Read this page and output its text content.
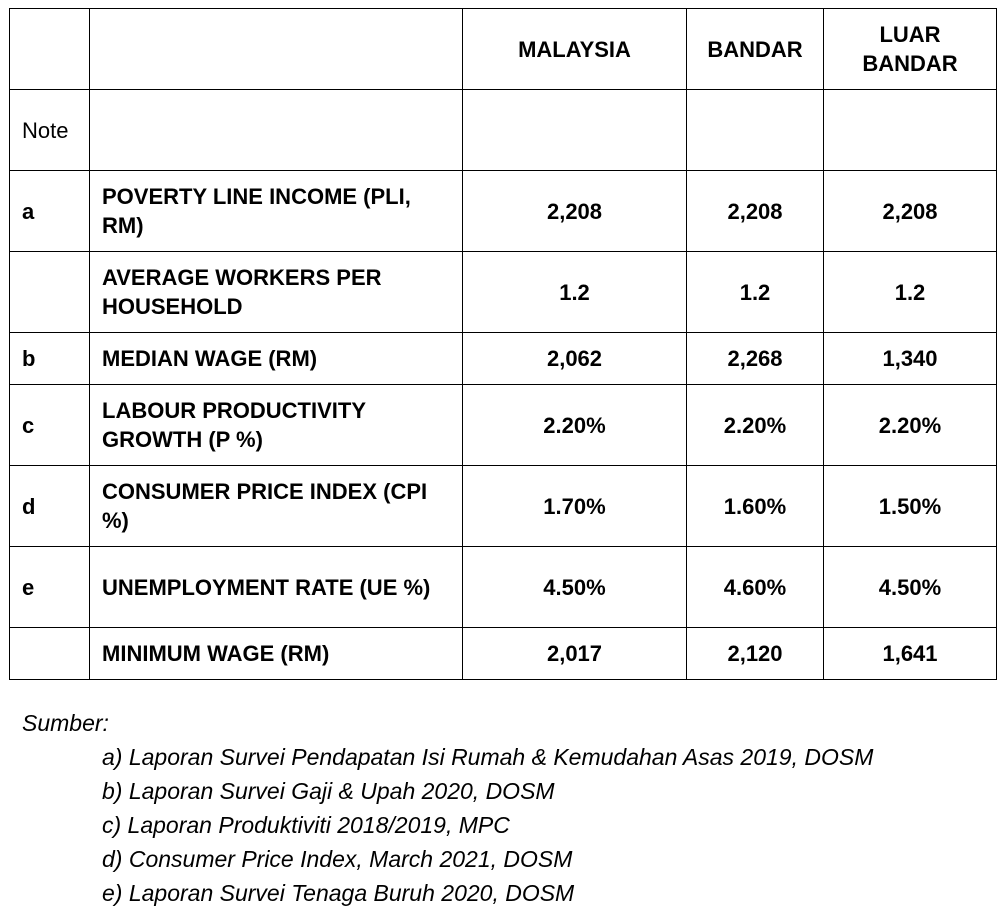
		MALAYSIA	BANDAR	LUAR
BANDAR

Note				
a	POVERTY LINE INCOME (PLI, RM)	2,208	2,208	2,208
	AVERAGE WORKERS PER HOUSEHOLD	1.2	1.2	1.2
b	MEDIAN WAGE (RM)	2,062	2,268	1,340
c	LABOUR PRODUCTIVITY GROWTH (P %)	2.20%	2.20%	2.20%
d	CONSUMER PRICE INDEX (CPI %)	1.70%	1.60%	1.50%
e	UNEMPLOYMENT RATE (UE %)	4.50%	4.60%	4.50%
	MINIMUM WAGE (RM)	2,017	2,120	1,641
Sumber:
a) Laporan Survei Pendapatan Isi Rumah & Kemudahan Asas 2019, DOSM
b) Laporan Survei Gaji & Upah 2020, DOSM
c) Laporan Produktiviti 2018/2019, MPC
d) Consumer Price Index, March 2021, DOSM
e) Laporan Survei Tenaga Buruh 2020, DOSM
